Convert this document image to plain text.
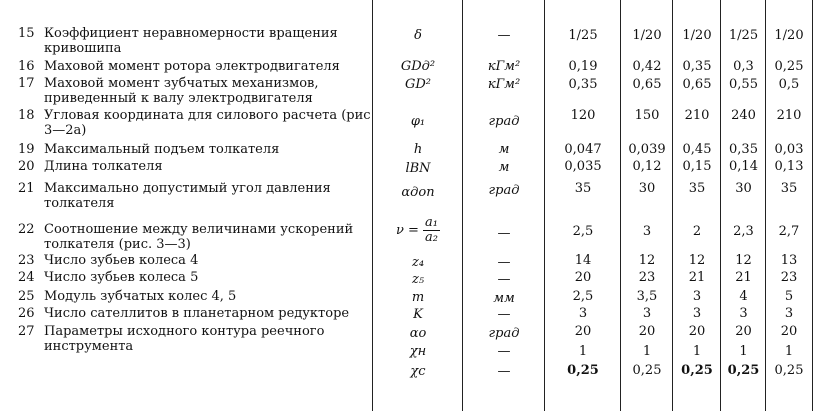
15 Коэффициент неравномерности вращения кривошипа
δ	—	1/25	1/20	1/20	1/25	1/20
16 Маховой момент ротора электродвигателя	GDд²	кГм²	0,19	0,42	0,35	0,3	0,25
17 Маховой момент зубчатых механизмов, приведенный к валу электродвигателя
GD²	кГм²	0,35	0,65	0,65	0,55	0,5
18 Угловая координата для силового расчета (рис 3—2а)
φ₁	град	120	150	210	240	210
19 Максимальный подъем толкателя	h	м	0,047	0,039	0,45	0,35	0,03
20 Длина толкателя	lBN	м	0,035	0,12	0,15	0,14	0,13
21 Максимально допустимый угол давления толкателя
αдоп	град	35	30	35	30	35
22 Соотношение между величинами ускорений толкателя (рис. 3—3)
$\nu = \frac{\text{a₁}}{\text{a₂}}$	—	2,5	3	2	2,3	2,7
23 Число зубьев колеса 4	z₄	—	14	12	12	12	13
24 Число зубьев колеса 5	z₅	—	20	23	21	21	23
25 Модуль зубчатых колес 4, 5	m	мм	2,5	3,5	3	4	5
26 Число сателлитов в планетарном редукторе	K	—	3	3	3	3	3
27 Параметры исходного контура реечного инструмента
αо	град	20	20	20	20	20
χн	—	1	1	1	1	1
χс	—	0,25	0,25	0,25	0,25	0,25
